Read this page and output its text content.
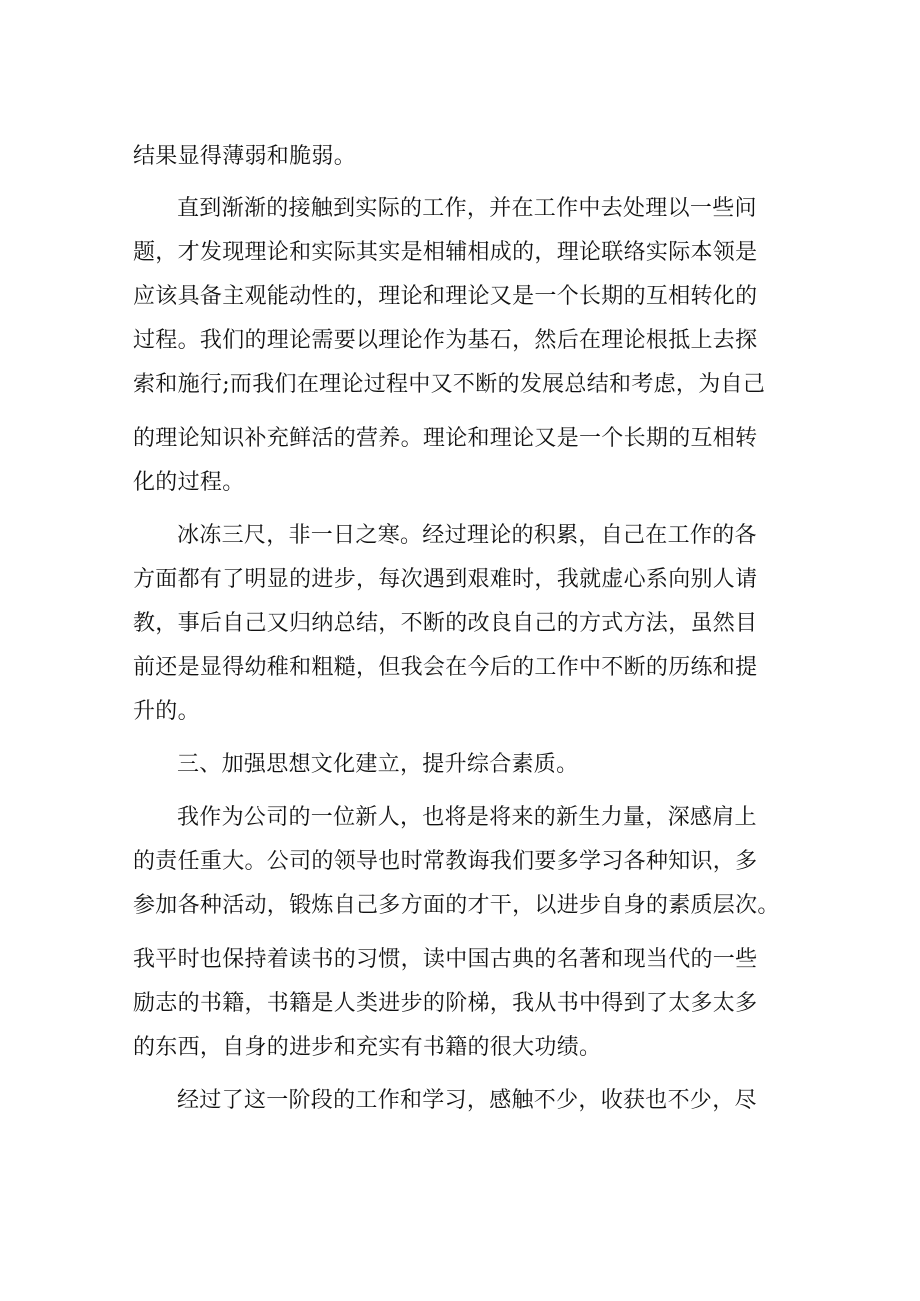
结果显得薄弱和脆弱。
直到渐渐的接触到实际的工作，并在工作中去处理以一些问
题，才发现理论和实际其实是相辅相成的，理论联络实际本领是
应该具备主观能动性的，理论和理论又是一个长期的互相转化的
过程。我们的理论需要以理论作为基石，然后在理论根抵上去探
索和施行;而我们在理论过程中又不断的发展总结和考虑，为自己
的理论知识补充鲜活的营养。理论和理论又是一个长期的互相转
化的过程。
冰冻三尺，非一日之寒。经过理论的积累，自己在工作的各
方面都有了明显的进步，每次遇到艰难时，我就虚心系向别人请
教，事后自己又归纳总结，不断的改良自己的方式方法，虽然目
前还是显得幼稚和粗糙，但我会在今后的工作中不断的历练和提
升的。
三、加强思想文化建立，提升综合素质。
我作为公司的一位新人，也将是将来的新生力量，深感肩上
的责任重大。公司的领导也时常教诲我们要多学习各种知识，多
参加各种活动，锻炼自己多方面的才干，以进步自身的素质层次。
我平时也保持着读书的习惯，读中国古典的名著和现当代的一些
励志的书籍，书籍是人类进步的阶梯，我从书中得到了太多太多
的东西，自身的进步和充实有书籍的很大功绩。
经过了这一阶段的工作和学习，感触不少，收获也不少，尽
